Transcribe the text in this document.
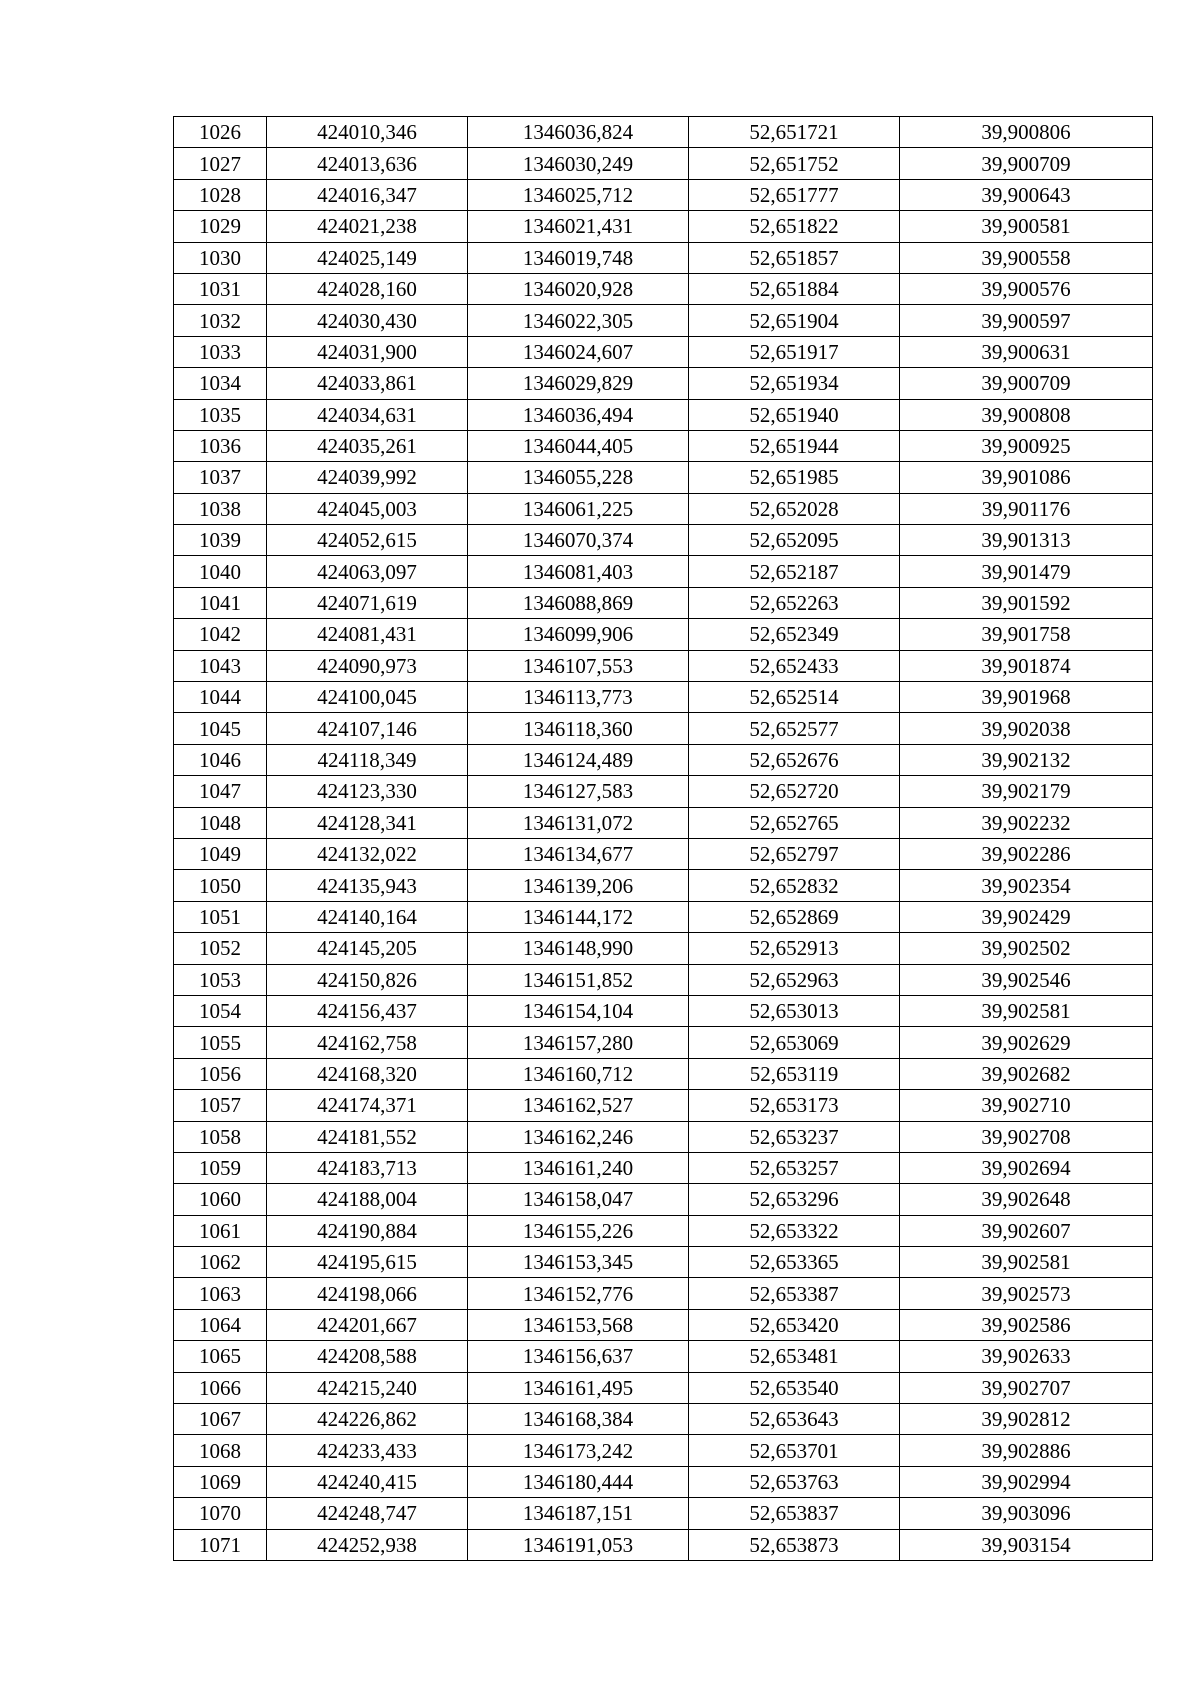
1026	424010,346	1346036,824	52,651721	39,900806
1027	424013,636	1346030,249	52,651752	39,900709
1028	424016,347	1346025,712	52,651777	39,900643
1029	424021,238	1346021,431	52,651822	39,900581
1030	424025,149	1346019,748	52,651857	39,900558
1031	424028,160	1346020,928	52,651884	39,900576
1032	424030,430	1346022,305	52,651904	39,900597
1033	424031,900	1346024,607	52,651917	39,900631
1034	424033,861	1346029,829	52,651934	39,900709
1035	424034,631	1346036,494	52,651940	39,900808
1036	424035,261	1346044,405	52,651944	39,900925
1037	424039,992	1346055,228	52,651985	39,901086
1038	424045,003	1346061,225	52,652028	39,901176
1039	424052,615	1346070,374	52,652095	39,901313
1040	424063,097	1346081,403	52,652187	39,901479
1041	424071,619	1346088,869	52,652263	39,901592
1042	424081,431	1346099,906	52,652349	39,901758
1043	424090,973	1346107,553	52,652433	39,901874
1044	424100,045	1346113,773	52,652514	39,901968
1045	424107,146	1346118,360	52,652577	39,902038
1046	424118,349	1346124,489	52,652676	39,902132
1047	424123,330	1346127,583	52,652720	39,902179
1048	424128,341	1346131,072	52,652765	39,902232
1049	424132,022	1346134,677	52,652797	39,902286
1050	424135,943	1346139,206	52,652832	39,902354
1051	424140,164	1346144,172	52,652869	39,902429
1052	424145,205	1346148,990	52,652913	39,902502
1053	424150,826	1346151,852	52,652963	39,902546
1054	424156,437	1346154,104	52,653013	39,902581
1055	424162,758	1346157,280	52,653069	39,902629
1056	424168,320	1346160,712	52,653119	39,902682
1057	424174,371	1346162,527	52,653173	39,902710
1058	424181,552	1346162,246	52,653237	39,902708
1059	424183,713	1346161,240	52,653257	39,902694
1060	424188,004	1346158,047	52,653296	39,902648
1061	424190,884	1346155,226	52,653322	39,902607
1062	424195,615	1346153,345	52,653365	39,902581
1063	424198,066	1346152,776	52,653387	39,902573
1064	424201,667	1346153,568	52,653420	39,902586
1065	424208,588	1346156,637	52,653481	39,902633
1066	424215,240	1346161,495	52,653540	39,902707
1067	424226,862	1346168,384	52,653643	39,902812
1068	424233,433	1346173,242	52,653701	39,902886
1069	424240,415	1346180,444	52,653763	39,902994
1070	424248,747	1346187,151	52,653837	39,903096
1071	424252,938	1346191,053	52,653873	39,903154
